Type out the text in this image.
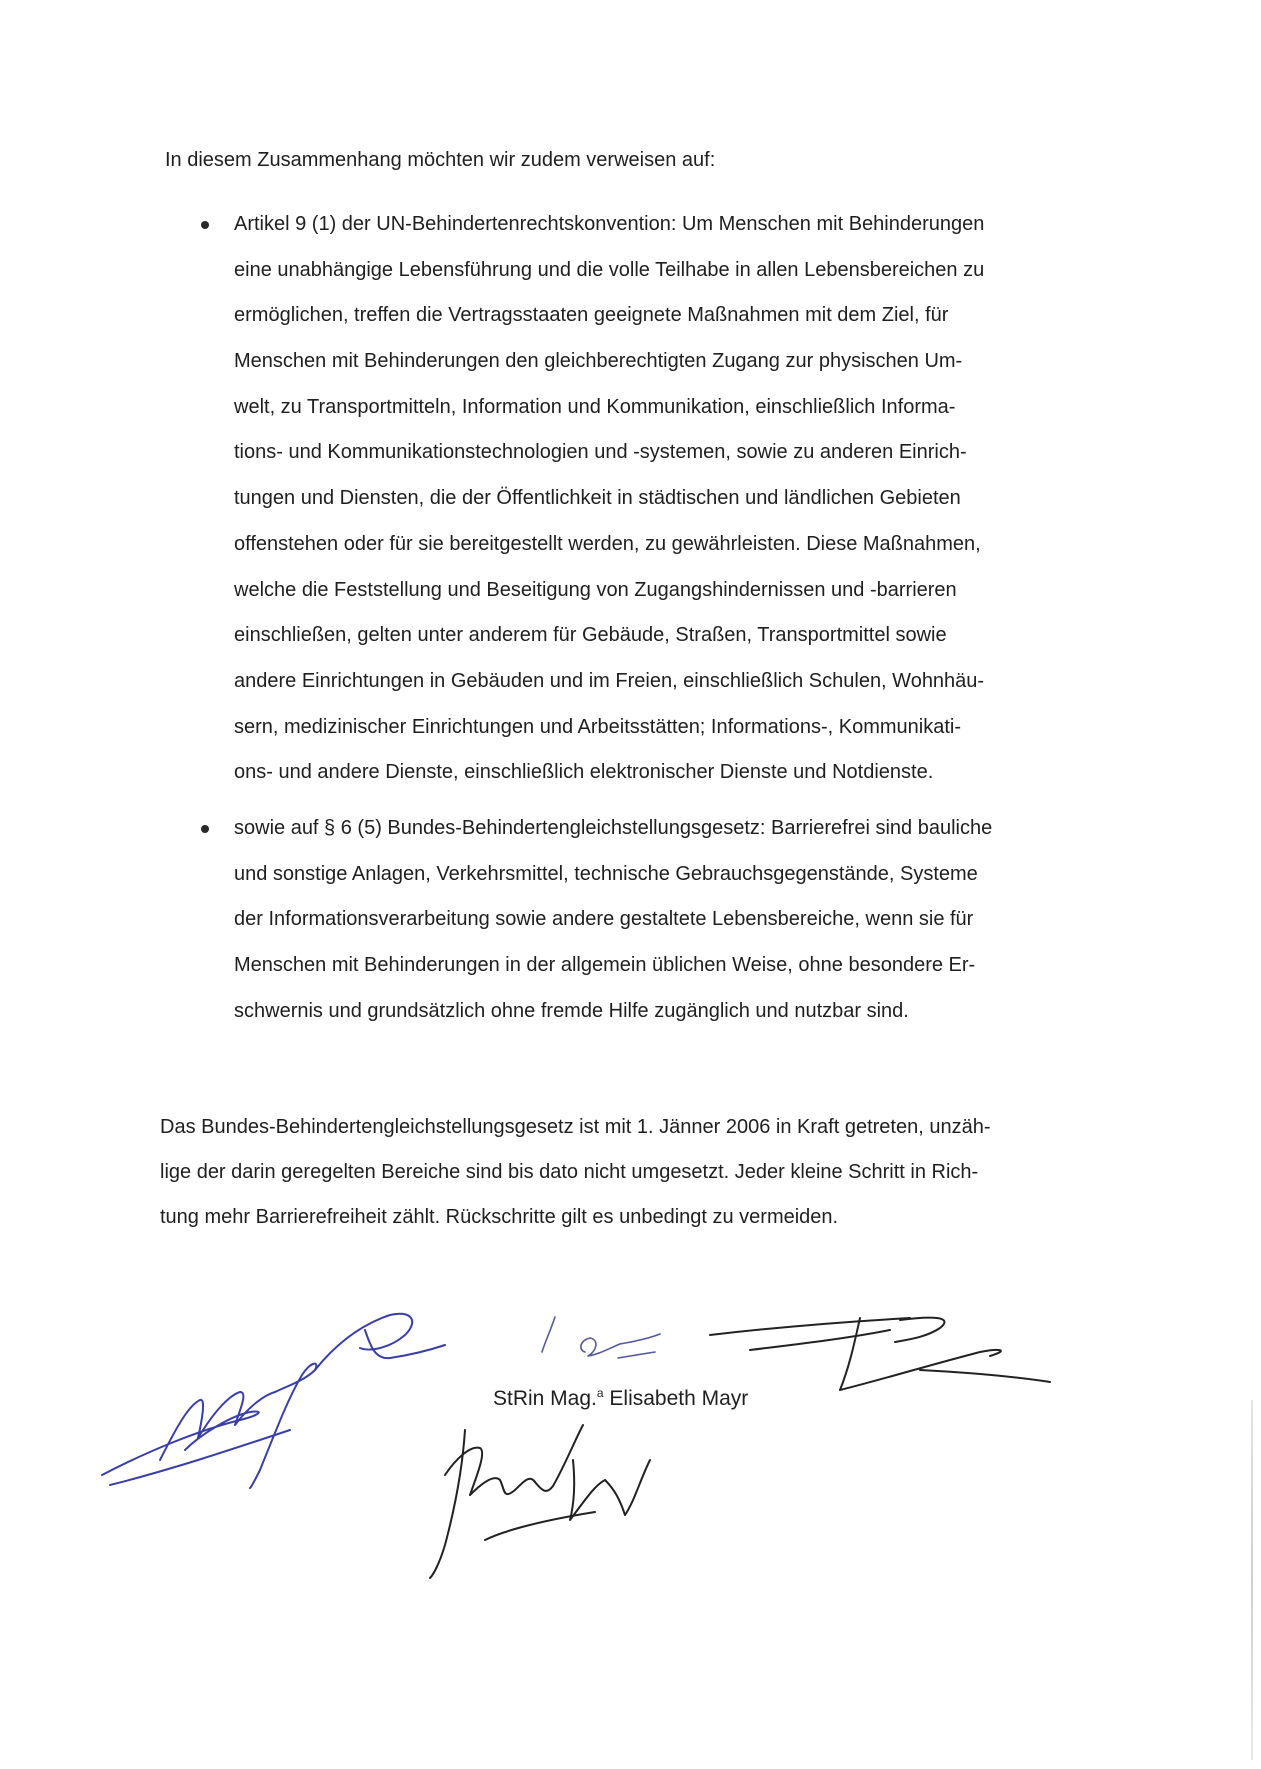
In diesem Zusammenhang möchten wir zudem verweisen auf:

Artikel 9 (1) der UN-Behindertenrechtskonvention: Um Menschen mit Behinderungen
eine unabhängige Lebensführung und die volle Teilhabe in allen Lebensbereichen zu
ermöglichen, treffen die Vertragsstaaten geeignete Maßnahmen mit dem Ziel, für
Menschen mit Behinderungen den gleichberechtigten Zugang zur physischen Um-
welt, zu Transportmitteln, Information und Kommunikation, einschließlich Informa-
tions- und Kommunikationstechnologien und -systemen, sowie zu anderen Einrich-
tungen und Diensten, die der Öffentlichkeit in städtischen und ländlichen Gebieten
offenstehen oder für sie bereitgestellt werden, zu gewährleisten. Diese Maßnahmen,
welche die Feststellung und Beseitigung von Zugangshindernissen und -barrieren
einschließen, gelten unter anderem für Gebäude, Straßen, Transportmittel sowie
andere Einrichtungen in Gebäuden und im Freien, einschließlich Schulen, Wohnhäu-
sern, medizinischer Einrichtungen und Arbeitsstätten; Informations-, Kommunikati-
ons- und andere Dienste, einschließlich elektronischer Dienste und Notdienste.
sowie auf § 6 (5) Bundes-Behindertengleichstellungsgesetz: Barrierefrei sind bauliche
und sonstige Anlagen, Verkehrsmittel, technische Gebrauchsgegenstände, Systeme
der Informationsverarbeitung sowie andere gestaltete Lebensbereiche, wenn sie für
Menschen mit Behinderungen in der allgemein üblichen Weise, ohne besondere Er-
schwernis und grundsätzlich ohne fremde Hilfe zugänglich und nutzbar sind.

Das Bundes-Behindertengleichstellungsgesetz ist mit 1. Jänner 2006 in Kraft getreten, unzäh-
lige der darin geregelten Bereiche sind bis dato nicht umgesetzt. Jeder kleine Schritt in Rich-
tung mehr Barrierefreiheit zählt. Rückschritte gilt es unbedingt zu vermeiden.

StRin Mag.$^a$ Elisabeth Mayr
